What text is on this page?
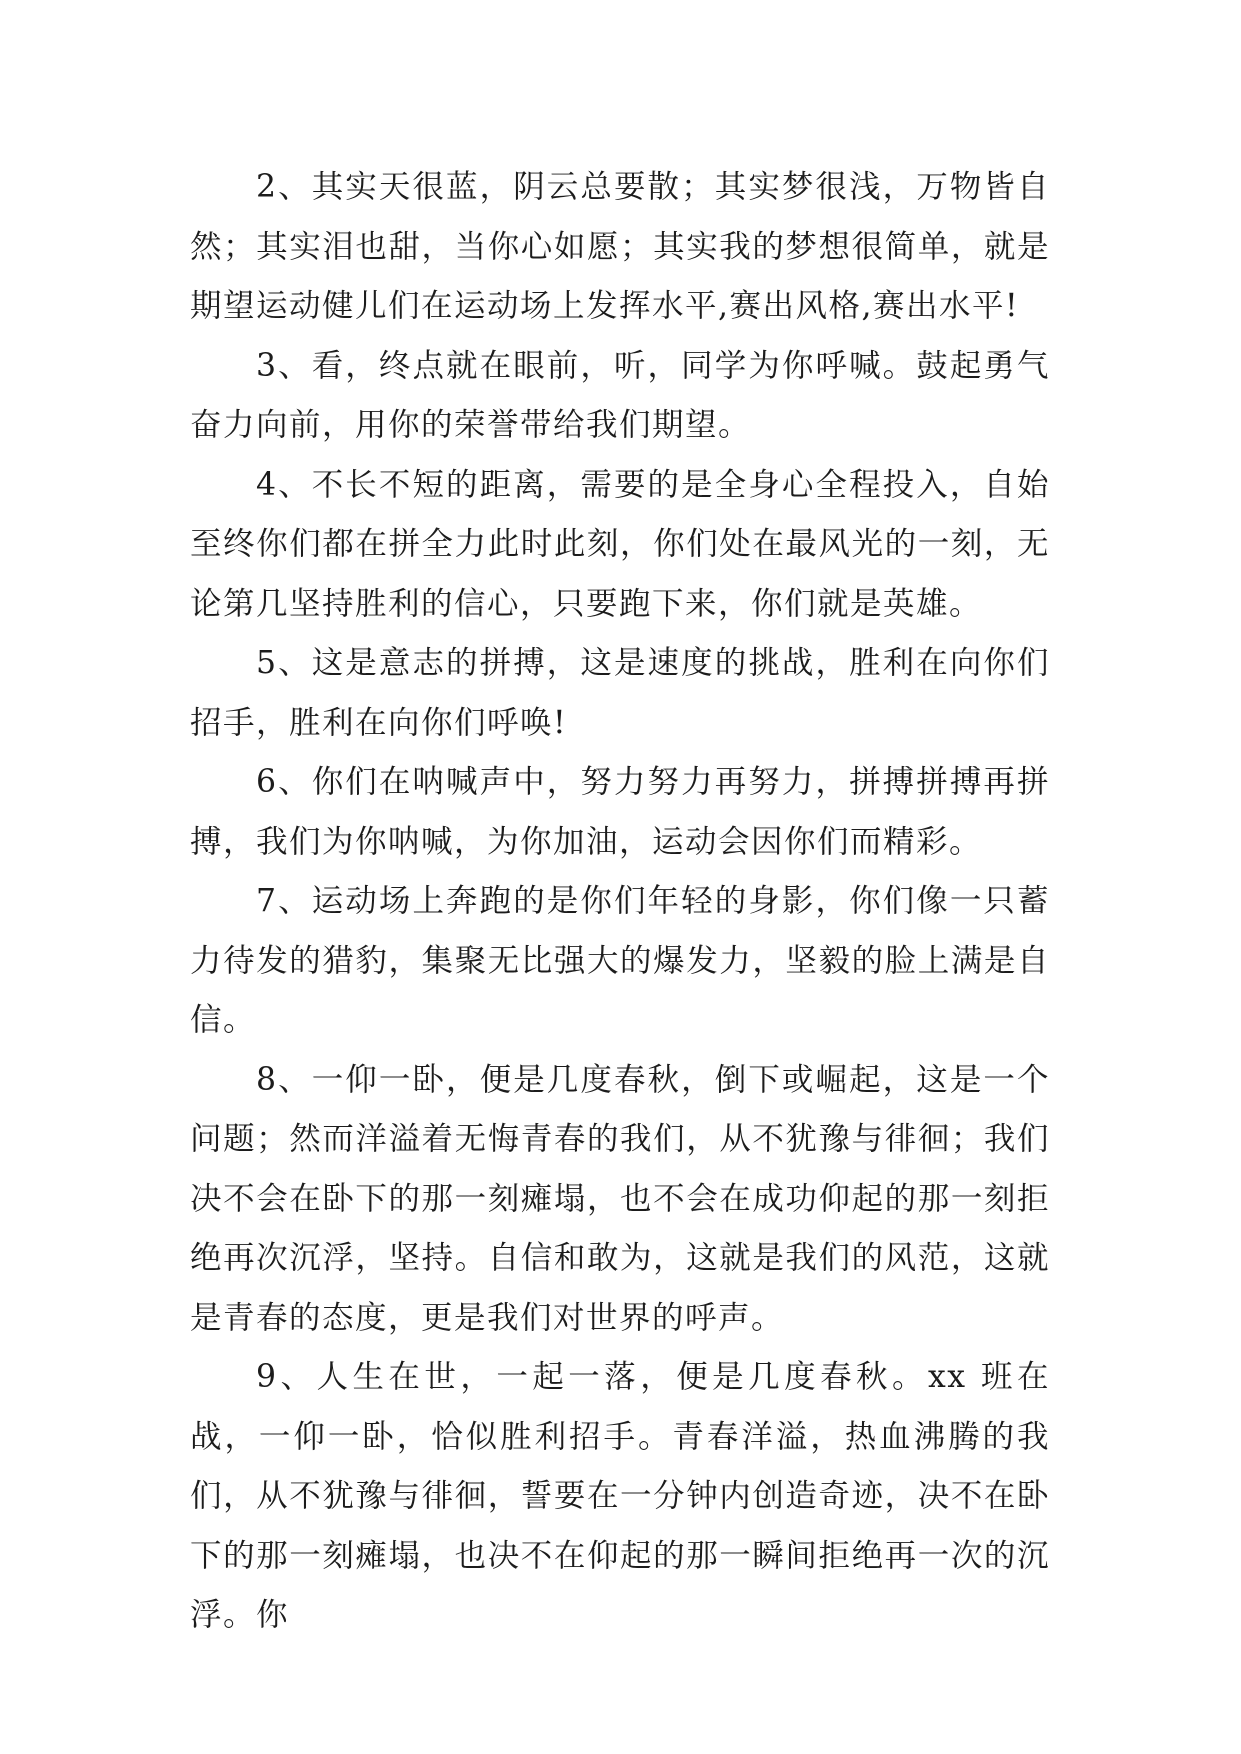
2、其实天很蓝，阴云总要散；其实梦很浅，万物皆自然；其实泪也甜，当你心如愿；其实我的梦想很简单，就是期望运动健儿们在运动场上发挥水平,赛出风格,赛出水平!

3、看，终点就在眼前，听，同学为你呼喊。鼓起勇气奋力向前，用你的荣誉带给我们期望。

4、不长不短的距离，需要的是全身心全程投入，自始至终你们都在拼全力此时此刻，你们处在最风光的一刻，无论第几坚持胜利的信心，只要跑下来，你们就是英雄。

5、这是意志的拼搏，这是速度的挑战，胜利在向你们招手，胜利在向你们呼唤!

6、你们在呐喊声中，努力努力再努力，拼搏拼搏再拼搏，我们为你呐喊，为你加油，运动会因你们而精彩。

7、运动场上奔跑的是你们年轻的身影，你们像一只蓄力待发的猎豹，集聚无比强大的爆发力，坚毅的脸上满是自信。

8、一仰一卧，便是几度春秋，倒下或崛起，这是一个问题；然而洋溢着无悔青春的我们，从不犹豫与徘徊；我们决不会在卧下的那一刻瘫塌，也不会在成功仰起的那一刻拒绝再次沉浮，坚持。自信和敢为，这就是我们的风范，这就是青春的态度，更是我们对世界的呼声。

9、人生在世，一起一落，便是几度春秋。xx 班在战，一仰一卧，恰似胜利招手。青春洋溢，热血沸腾的我们，从不犹豫与徘徊，誓要在一分钟内创造奇迹，决不在卧下的那一刻瘫塌，也决不在仰起的那一瞬间拒绝再一次的沉浮。你
